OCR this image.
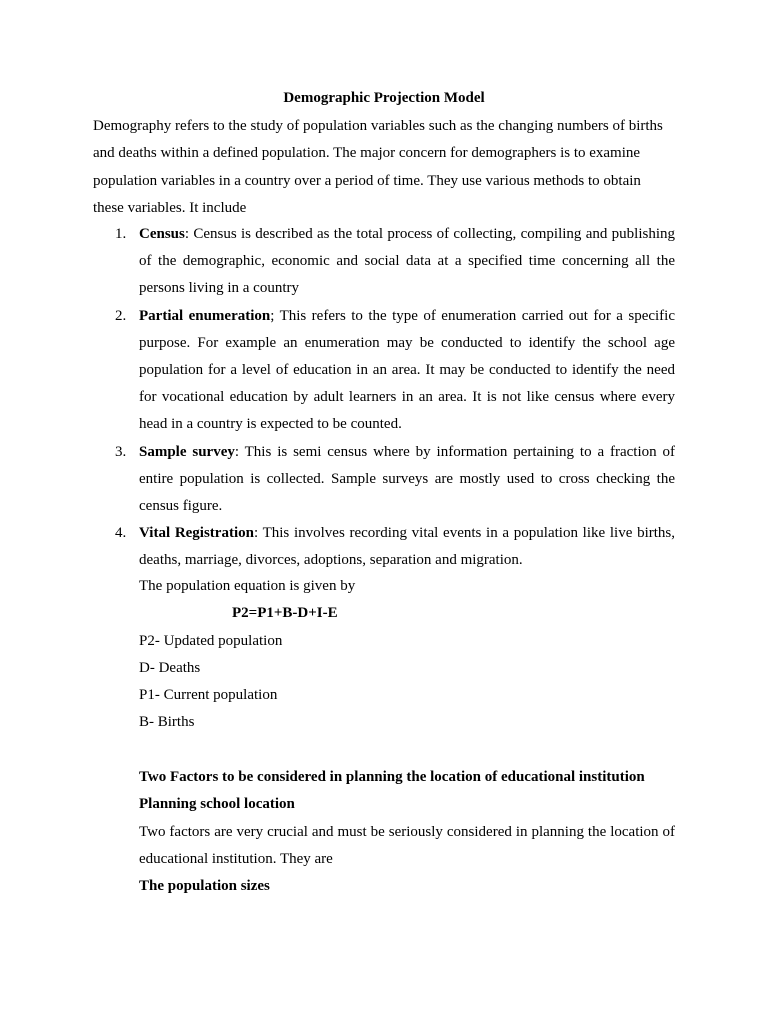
Demographic Projection Model
Demography refers to the study of population variables such as the changing numbers of births and deaths within a defined population. The major concern for demographers is to examine population variables in a country over a period of time. They use various methods to obtain these variables. It include
1. Census: Census is described as the total process of collecting, compiling and publishing of the demographic, economic and social data at a specified time concerning all the persons living in a country
2. Partial enumeration; This refers to the type of enumeration carried out for a specific purpose. For example an enumeration may be conducted to identify the school age population for a level of education in an area. It may be conducted to identify the need for vocational education by adult learners in an area. It is not like census where every head in a country is expected to be counted.
3. Sample survey: This is semi census where by information pertaining to a fraction of entire population is collected. Sample surveys are mostly used to cross checking the census figure.
4. Vital Registration: This involves recording vital events in a population like live births, deaths, marriage, divorces, adoptions, separation and migration.
The population equation is given by
P2=P1+B-D+I-E
P2- Updated population
D- Deaths
P1- Current population
B- Births
Two Factors to be considered in planning the location of educational institution
Planning school location
Two factors are very crucial and must be seriously considered in planning the location of educational institution. They are
The population sizes
